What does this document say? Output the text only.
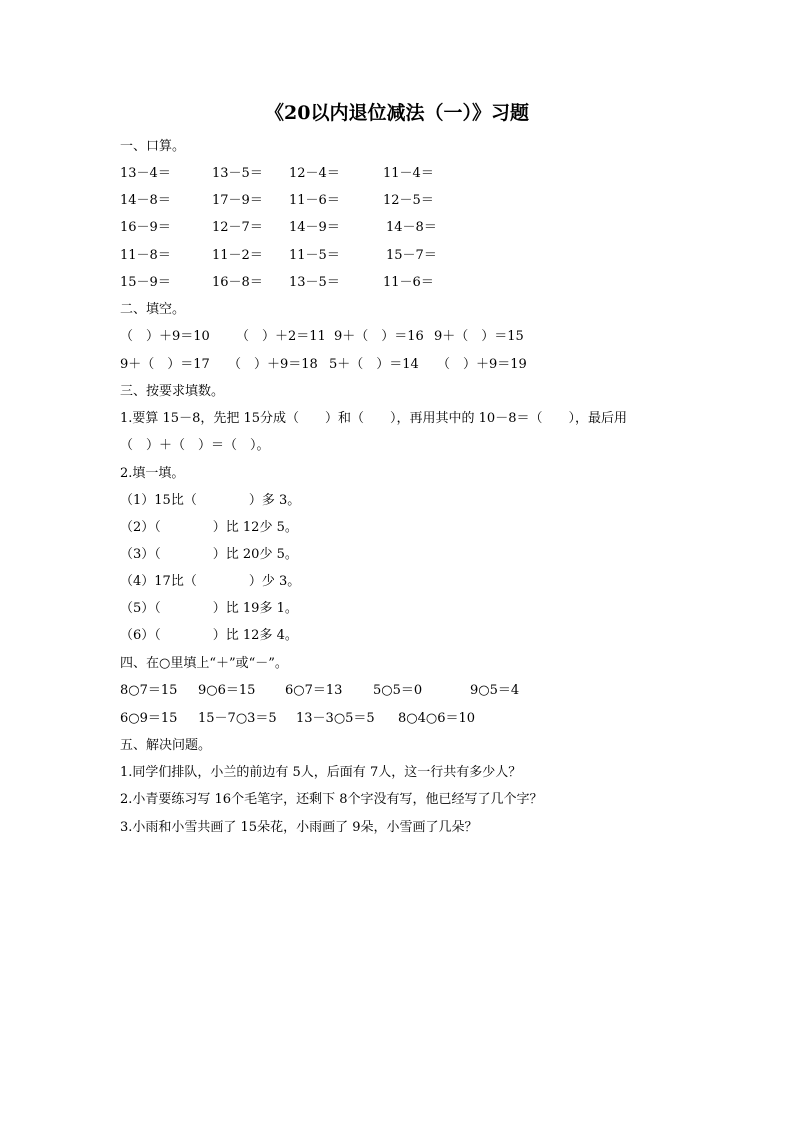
《20以内退位减法（一）》习题
一、口算。
13－4＝	13－5＝ 12－4＝	11－4＝
14－8＝	17－9＝ 11－6＝	12－5＝
16－9＝	12－7＝ 14－9＝	14－8＝
11－8＝	11－2＝ 11－5＝	15－7＝
15－9＝	16－8＝ 13－5＝	11－6＝
二、填空。
（　）＋9＝10 （　）＋2＝11 9＋（　）＝16 9＋（　）＝15
9＋（　）＝17 （　）＋9＝18 5＋（　）＝14 （　）＋9＝19
三、按要求填数。
1.要算 15－8，先把 15分成（　　）和（　　），再用其中的 10－8＝（　　），最后用
（　）＋（　）＝（　）。
2.填一填。
（1）15比（　　　　）多 3。
（2）（　　　　）比 12少 5。
（3）（　　　　）比 20少 5。
（4）17比（　　　　）少 3。
（5）（　　　　）比 19多 1。
（6）（　　　　）比 12多 4。
四、在○里填上“＋”或“－”。
8○7＝15 9○6＝15 6○7＝13 5○5＝0	9○5＝4
6○9＝15 15－7○3＝5 13－3○5＝5 8○4○6＝10
五、解决问题。
1.同学们排队，小兰的前边有 5人，后面有 7人，这一行共有多少人？
2.小青要练习写 16个毛笔字，还剩下 8个字没有写，他已经写了几个字？
3.小雨和小雪共画了 15朵花，小雨画了 9朵，小雪画了几朵？
